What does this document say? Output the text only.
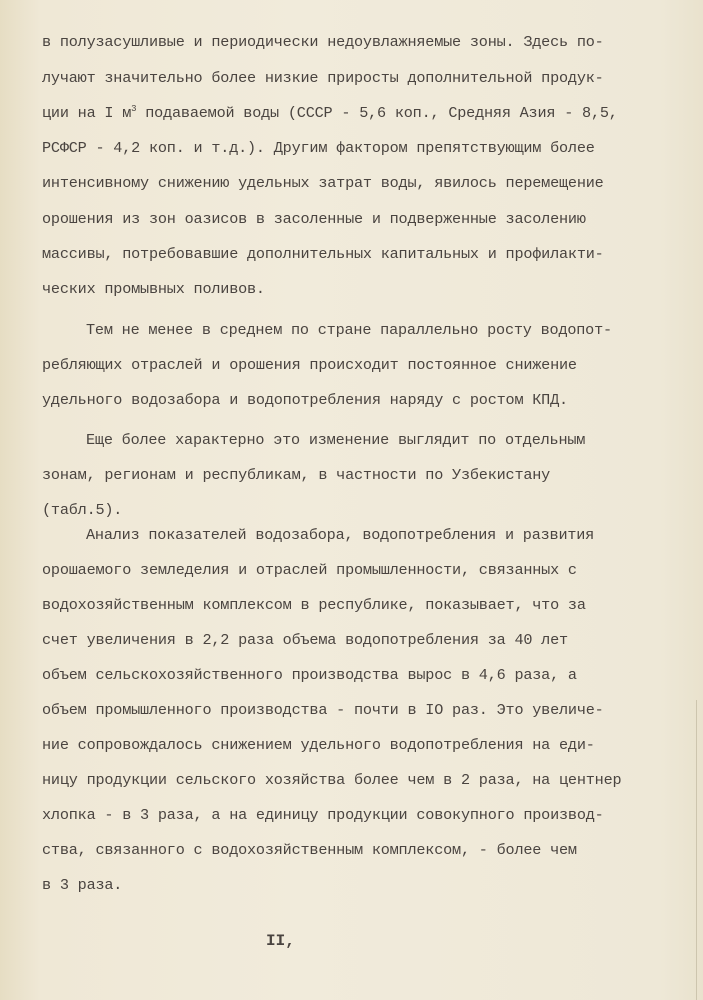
в полузасушливые и периодически недоувлажняемые зоны. Здесь по-
лучают значительно более низкие приросты дополнительной продук-
ции на I $м^3$ подаваемой воды (СССР - 5,6 коп., Средняя Азия - 8,5,
РСФСР - 4,2 коп. и т.д.). Другим фактором препятствующим более
интенсивному снижению удельных затрат воды, явилось перемещение
орошения из зон оазисов в засоленные и подверженные засолению
массивы, потребовавшие дополнительных капитальных и профилакти-
ческих промывных поливов.
Тем не менее в среднем по стране параллельно росту водопот-
ребляющих отраслей и орошения происходит постоянное снижение
удельного водозабора и водопотребления наряду с ростом КПД.
Еще более характерно это изменение выглядит по отдельным
зонам, регионам и республикам, в частности по Узбекистану
(табл.5).
Анализ показателей водозабора, водопотребления и развития
орошаемого земледелия и отраслей промышленности, связанных с
водохозяйственным комплексом в республике, показывает, что за
счет увеличения в 2,2 раза объема водопотребления за 40 лет
объем сельскохозяйственного производства вырос в 4,6 раза, а
объем промышленного производства - почти в IO раз. Это увеличе-
ние сопровождалось снижением удельного водопотребления на еди-
ницу продукции сельского хозяйства более чем в 2 раза, на центнер
хлопка - в 3 раза, а на единицу продукции совокупного производ-
ства, связанного с водохозяйственным комплексом, - более чем
в 3 раза.
II,
